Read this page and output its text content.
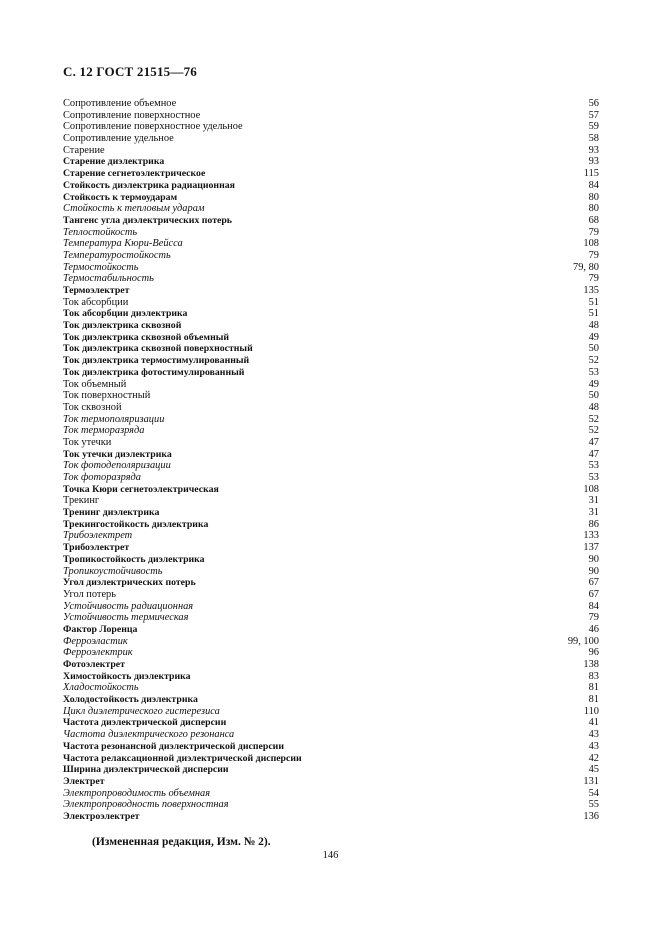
С. 12 ГОСТ 21515—76
Сопротивление объемное	56
Сопротивление поверхностное	57
Сопротивление поверхностное удельное	59
Сопротивление удельное	58
Старение	93
Старение диэлектрика	93
Старение сегнетоэлектрическое	115
Стойкость диэлектрика радиационная	84
Стойкость к термоударам	80
Стойкость к тепловым ударам	80
Тангенс угла диэлектрических потерь	68
Теплостойкость	79
Температура Кюри-Вейсса	108
Температуростойкость	79
Термостойкость	79, 80
Термостабильность	79
Термоэлектрет	135
Ток абсорбции	51
Ток абсорбции диэлектрика	51
Ток диэлектрика сквозной	48
Ток диэлектрика сквозной объемный	49
Ток диэлектрика сквозной поверхностный	50
Ток диэлектрика термостимулированный	52
Ток диэлектрика фотостимулированный	53
Ток объемный	49
Ток поверхностный	50
Ток сквозной	48
Ток термополяризации	52
Ток терморазряда	52
Ток утечки	47
Ток утечки диэлектрика	47
Ток фотодеполяризации	53
Ток фоторазряда	53
Точка Кюри сегнетоэлектрическая	108
Трекинг	31
Тренинг диэлектрика	31
Трекингостойкость диэлектрика	86
Трибоэлектрет	133
Трибоэлектрет	137
Тропикостойкость диэлектрика	90
Тропикоустойчивость	90
Угол диэлектрических потерь	67
Угол потерь	67
Устойчивость радиационная	84
Устойчивость термическая	79
Фактор Лоренца	46
Ферроэластик	99, 100
Ферроэлектрик	96
Фотоэлектрет	138
Химостойкость диэлектрика	83
Хладостойкость	81
Холодостойкость диэлектрика	81
Цикл диэлетрического гистерезиса	110
Частота диэлектрической дисперсии	41
Частота диэлектрического резонанса	43
Частота резонансной диэлектрической дисперсии	43
Частота релаксационной диэлектрической дисперсии	42
Ширина диэлектрической дисперсии	45
Электрет	131
Электропроводимость объемная	54
Электропроводность поверхностная	55
Электроэлектрет	136
(Измененная редакция, Изм. № 2).
146
